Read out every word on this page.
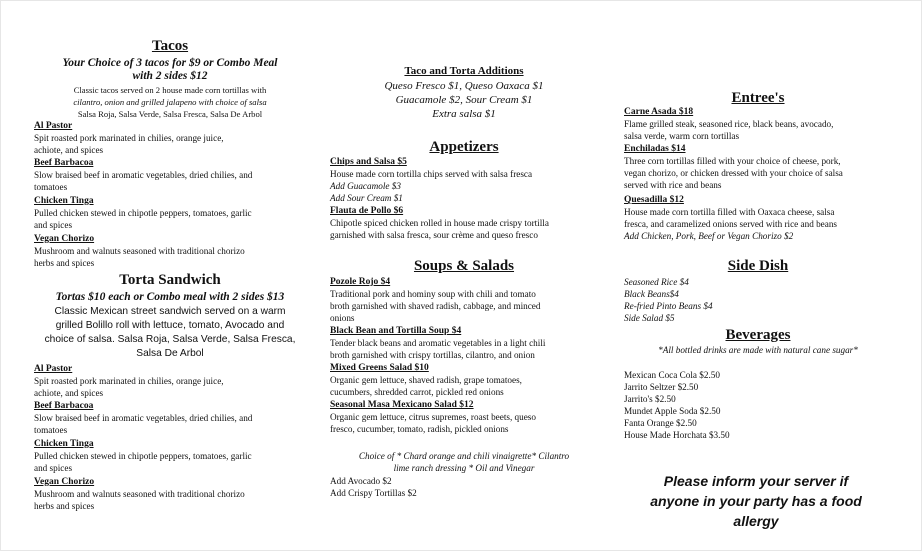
Tacos
Your Choice of 3 tacos for $9 or Combo Meal
with 2 sides $12
Classic tacos served on 2 house made corn tortillas with
cilantro, onion and grilled jalapeno with choice of salsa
Salsa Roja, Salsa Verde, Salsa Fresca, Salsa De Arbol
Al Pastor
Spit roasted pork marinated in chilies, orange juice,
achiote, and spices
Beef Barbacoa
Slow braised beef in aromatic vegetables, dried chilies, and
tomatoes
Chicken Tinga
Pulled chicken stewed in chipotle peppers, tomatoes, garlic
and spices
Vegan Chorizo
Mushroom and walnuts seasoned with traditional chorizo
herbs and spices
Torta Sandwich
Tortas $10 each or Combo meal with 2 sides $13
Classic Mexican street sandwich served on a warm
grilled Bolillo roll with lettuce, tomato, Avocado and
choice of salsa. Salsa Roja, Salsa Verde, Salsa Fresca,
Salsa De Arbol
Al Pastor
Spit roasted pork marinated in chilies, orange juice,
achiote, and spices
Beef Barbacoa
Slow braised beef in aromatic vegetables, dried chilies, and
tomatoes
Chicken Tinga
Pulled chicken stewed in chipotle peppers, tomatoes, garlic
and spices
Vegan Chorizo
Mushroom and walnuts seasoned with traditional chorizo
herbs and spices
Taco and Torta Additions
Queso Fresco $1, Queso Oaxaca $1
Guacamole $2, Sour Cream $1
Extra salsa $1
Appetizers
Chips and Salsa $5
House made corn tortilla chips served with salsa fresca
Add Guacamole $3
Add Sour Cream $1
Flauta de Pollo $6
Chipotle spiced chicken rolled in house made crispy tortilla
garnished with salsa fresca, sour crème and queso fresco
Soups & Salads
Pozole Rojo $4
Traditional pork and hominy soup with chili and tomato
broth garnished with shaved radish, cabbage, and minced
onions
Black Bean and Tortilla Soup $4
Tender black beans and aromatic vegetables in a light chili
broth garnished with crispy tortillas, cilantro, and onion
Mixed Greens Salad $10
Organic gem lettuce, shaved radish, grape tomatoes,
cucumbers, shredded carrot, pickled red onions
Seasonal Masa Mexicano Salad $12
Organic gem lettuce, citrus supremes, roast beets, queso
fresco, cucumber, tomato, radish, pickled onions
Choice of * Chard orange and chili vinaigrette* Cilantro
lime ranch dressing * Oil and Vinegar
Add Avocado $2
Add Crispy Tortillas $2
Entree's
Carne Asada $18
Flame grilled steak, seasoned rice, black beans, avocado,
salsa verde, warm corn tortillas
Enchiladas $14
Three corn tortillas filled with your choice of cheese, pork,
vegan chorizo, or chicken dressed with your choice of salsa
served with rice and beans
Quesadilla $12
House made corn tortilla filled with Oaxaca cheese, salsa
fresca, and caramelized onions served with rice and beans
Add Chicken, Pork, Beef or Vegan Chorizo $2
Side Dish
Seasoned Rice $4
Black Beans$4
Re-fried Pinto Beans $4
Side Salad $5
Beverages
*All bottled drinks are made with natural cane sugar*
Mexican Coca Cola $2.50
Jarrito Seltzer $2.50
Jarrito's $2.50
Mundet Apple Soda $2.50
Fanta Orange $2.50
House Made Horchata $3.50
Please inform your server if
anyone in your party has a food
allergy
